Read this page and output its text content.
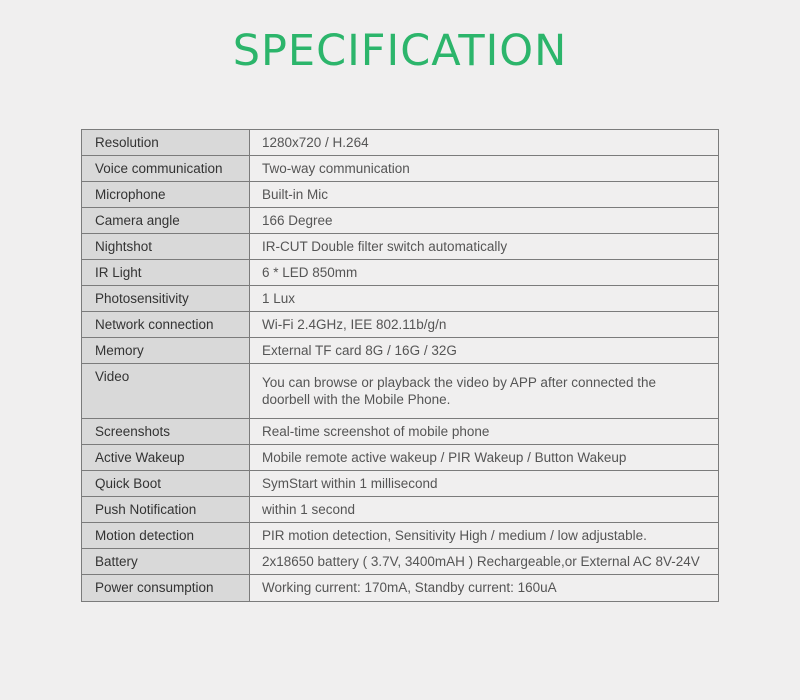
SPECIFICATION
Resolution	1280x720 / H.264
Voice communication	Two-way communication
Microphone	Built-in Mic
Camera angle	166 Degree
Nightshot	IR-CUT Double filter switch automatically
IR Light	6 * LED 850mm
Photosensitivity	1 Lux
Network connection	Wi-Fi 2.4GHz, IEE 802.11b/g/n
Memory	External TF card 8G / 16G / 32G
Video	You can browse or playback the video by APP after connected the doorbell with the Mobile Phone.
Screenshots	Real-time screenshot of mobile phone
Active Wakeup	Mobile remote active wakeup / PIR Wakeup / Button Wakeup
Quick Boot	SymStart within 1 millisecond
Push Notification	within 1 second
Motion detection	PIR motion detection, Sensitivity High / medium / low adjustable.
Battery	2x18650 battery ( 3.7V, 3400mAH ) Rechargeable,or External AC 8V-24V
Power consumption	Working current: 170mA, Standby current: 160uA
